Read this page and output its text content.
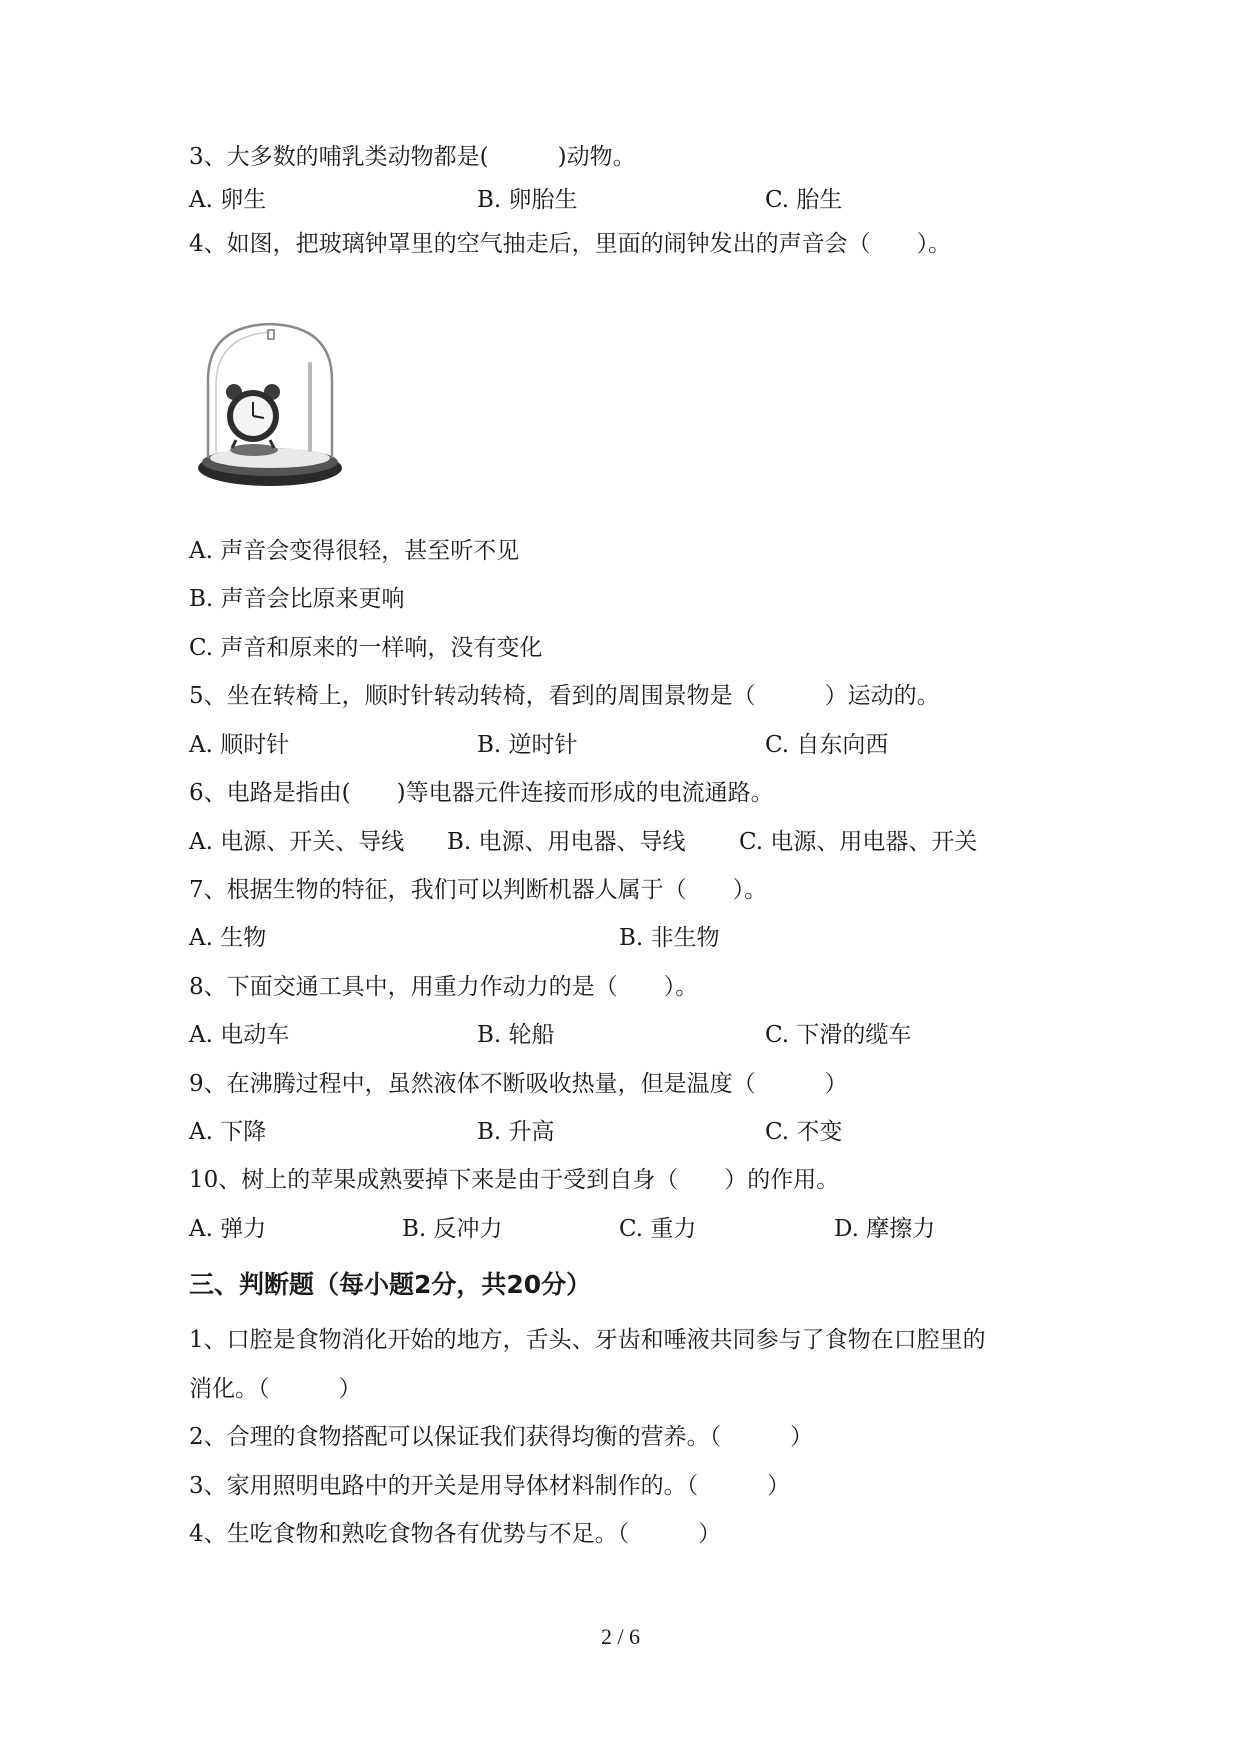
3、大多数的哺乳类动物都是(　　　)动物。
A. 卵生	B. 卵胎生	C. 胎生
4、如图，把玻璃钟罩里的空气抽走后，里面的闹钟发出的声音会（　　）。
A. 声音会变得很轻，甚至听不见
B. 声音会比原来更响
C. 声音和原来的一样响，没有变化
5、坐在转椅上，顺时针转动转椅，看到的周围景物是（　　　）运动的。
A. 顺时针	B. 逆时针	C. 自东向西
6、电路是指由(　　)等电器元件连接而形成的电流通路。
A. 电源、开关、导线 B. 电源、用电器、导线 C. 电源、用电器、开关
7、根据生物的特征，我们可以判断机器人属于（　　）。
A. 生物	B. 非生物
8、下面交通工具中，用重力作动力的是（　　）。
A. 电动车	B. 轮船	C. 下滑的缆车
9、在沸腾过程中，虽然液体不断吸收热量，但是温度（　　　）
A. 下降	B. 升高	C. 不变
10、树上的苹果成熟要掉下来是由于受到自身（　　）的作用。
A. 弹力	B. 反冲力	C. 重力	D. 摩擦力
三、判断题（每小题2分，共20分）
1、口腔是食物消化开始的地方，舌头、牙齿和唾液共同参与了食物在口腔里的
消化。（　　　）
2、合理的食物搭配可以保证我们获得均衡的营养。（　　　）
3、家用照明电路中的开关是用导体材料制作的。（　　　）
4、生吃食物和熟吃食物各有优势与不足。（　　　）
2 / 6
